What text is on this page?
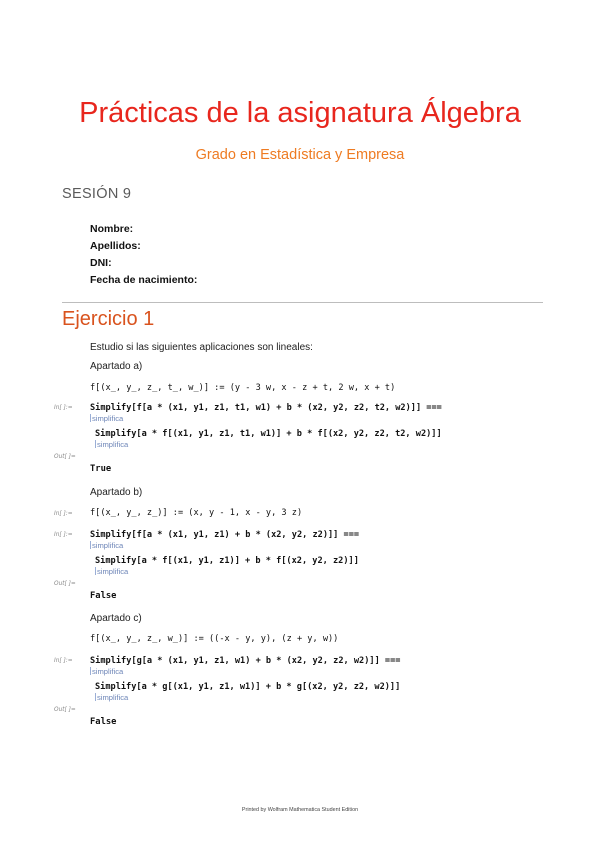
Prácticas de la asignatura Álgebra
Grado en Estadística y Empresa
SESIÓN 9
Nombre:
Apellidos:
DNI:
Fecha de nacimiento:
Ejercicio 1
Estudio si las siguientes aplicaciones son lineales:
Apartado a)
f[(x_, y_, z_, t_, w_)] := (y - 3 w, x - z + t, 2 w, x + t)
In[ ]:= Simplify[f[a * (x1, y1, z1, t1, w1) + b * (x2, y2, z2, t2, w2)]] ===
simplifica
Simplify[a * f[(x1, y1, z1, t1, w1)] + b * f[(x2, y2, z2, t2, w2)]]
simplifica
Out[ ]=
True
Apartado b)
In[ ]:= f[(x_, y_, z_)] := (x, y - 1, x - y, 3 z)
In[ ]:= Simplify[f[a * (x1, y1, z1) + b * (x2, y2, z2)]] ===
simplifica
Simplify[a * f[(x1, y1, z1)] + b * f[(x2, y2, z2)]]
simplifica
Out[ ]=
False
Apartado c)
f[(x_, y_, z_, w_)] := ((-x - y, y), (z + y, w))
In[ ]:= Simplify[g[a * (x1, y1, z1, w1) + b * (x2, y2, z2, w2)]] ===
simplifica
Simplify[a * g[(x1, y1, z1, w1)] + b * g[(x2, y2, z2, w2)]]
simplifica
Out[ ]=
False
Printed by Wolfram Mathematica Student Edition
